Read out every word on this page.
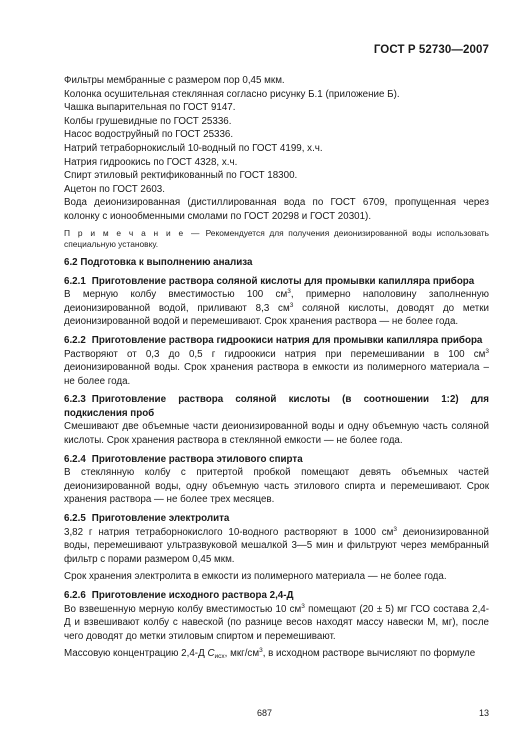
ГОСТ Р 52730—2007
Фильтры мембранные с размером пор 0,45 мкм.
Колонка осушительная стеклянная согласно рисунку Б.1 (приложение Б).
Чашка выпарительная по ГОСТ 9147.
Колбы грушевидные по ГОСТ 25336.
Насос водоструйный по ГОСТ 25336.
Натрий тетраборнокислый 10-водный по ГОСТ 4199, х.ч.
Натрия гидроокись по ГОСТ 4328, х.ч.
Спирт этиловый ректификованный по ГОСТ 18300.
Ацетон по ГОСТ 2603.
Вода деионизированная (дистиллированная вода по ГОСТ 6709, пропущенная через колонку с ионообменными смолами по ГОСТ 20298 и ГОСТ 20301).
П р и м е ч а н и е — Рекомендуется для получения деионизированной воды использовать специальную установку.
6.2 Подготовка к выполнению анализа
6.2.1 Приготовление раствора соляной кислоты для промывки капилляра прибора

В мерную колбу вместимостью 100 $см^3$, примерно наполовину заполненную деионизированной водой, приливают 8,3 $см^3$ соляной кислоты, доводят до метки деионизированной водой и перемешивают. Срок хранения раствора — не более года.

6.2.2 Приготовление раствора гидроокиси натрия для промывки капилляра прибора

Растворяют от 0,3 до 0,5 г гидроокиси натрия при перемешивании в 100 $см^3$ деионизированной воды. Срок хранения раствора в емкости из полимерного материала – не более года.

6.2.3 Приготовление раствора соляной кислоты (в соотношении 1:2) для подкисления проб

Смешивают две объемные части деионизированной воды и одну объемную часть соляной кислоты. Срок хранения раствора в стеклянной емкости — не более года.

6.2.4 Приготовление раствора этилового спирта

В стеклянную колбу с притертой пробкой помещают девять объемных частей деионизированной воды, одну объемную часть этилового спирта и перемешивают. Срок хранения раствора — не более трех месяцев.

6.2.5 Приготовление электролита

3,82 г натрия тетраборнокислого 10-водного растворяют в 1000 $см^3$ деионизированной воды, перемешивают ультразвуковой мешалкой 3—5 мин и фильтруют через мембранный фильтр с порами размером 0,45 мкм.

Срок хранения электролита в емкости из полимерного материала — не более года.

6.2.6 Приготовление исходного раствора 2,4-Д

Во взвешенную мерную колбу вместимостью 10 $см^3$ помещают (20 ± 5) мг ГСО состава 2,4-Д и взвешивают колбу с навеской (по разнице весов находят массу навески М, мг), после чего доводят до метки этиловым спиртом и перемешивают.

Массовую концентрацию 2,4-Д $C_{исх}$, мкг/$см^3$, в исходном растворе вычисляют по формуле

687	13
